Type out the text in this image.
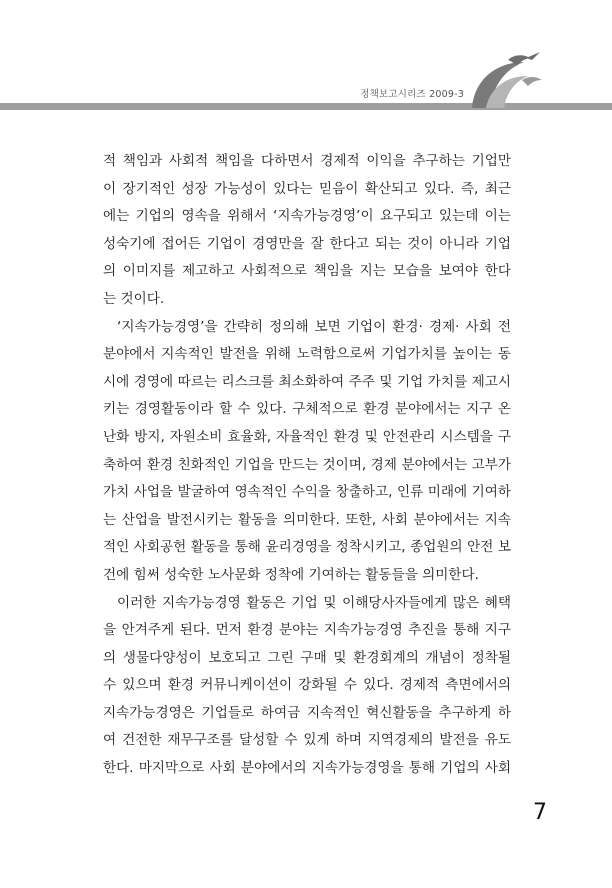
정책보고시리즈 2009-3
적 책임과 사회적 책임을 다하면서 경제적 이익을 추구하는 기업만
이 장기적인 성장 가능성이 있다는 믿음이 확산되고 있다. 즉, 최근
에는 기업의 영속을 위해서 ‘지속가능경영’이 요구되고 있는데 이는
성숙기에 접어든 기업이 경영만을 잘 한다고 되는 것이 아니라 기업
의 이미지를 제고하고 사회적으로 책임을 지는 모습을 보여야 한다
는 것이다.
‘지속가능경영’을 간략히 정의해 보면 기업이 환경· 경제· 사회 전
분야에서 지속적인 발전을 위해 노력함으로써 기업가치를 높이는 동
시에 경영에 따르는 리스크를 최소화하여 주주 및 기업 가치를 제고시
키는 경영활동이라 할 수 있다. 구체적으로 환경 분야에서는 지구 온
난화 방지, 자원소비 효율화, 자율적인 환경 및 안전관리 시스템을 구
축하여 환경 친화적인 기업을 만드는 것이며, 경제 분야에서는 고부가
가치 사업을 발굴하여 영속적인 수익을 창출하고, 인류 미래에 기여하
는 산업을 발전시키는 활동을 의미한다. 또한, 사회 분야에서는 지속
적인 사회공헌 활동을 통해 윤리경영을 정착시키고, 종업원의 안전 보
건에 힘써 성숙한 노사문화 정착에 기여하는 활동들을 의미한다.
이러한 지속가능경영 활동은 기업 및 이해당사자들에게 많은 혜택
을 안겨주게 된다. 먼저 환경 분야는 지속가능경영 추진을 통해 지구
의 생물다양성이 보호되고 그린 구매 및 환경회계의 개념이 정착될
수 있으며 환경 커뮤니케이션이 강화될 수 있다. 경제적 측면에서의
지속가능경영은 기업들로 하여금 지속적인 혁신활동을 추구하게 하
여 건전한 재무구조를 달성할 수 있게 하며 지역경제의 발전을 유도
한다. 마지막으로 사회 분야에서의 지속가능경영을 통해 기업의 사회
7
